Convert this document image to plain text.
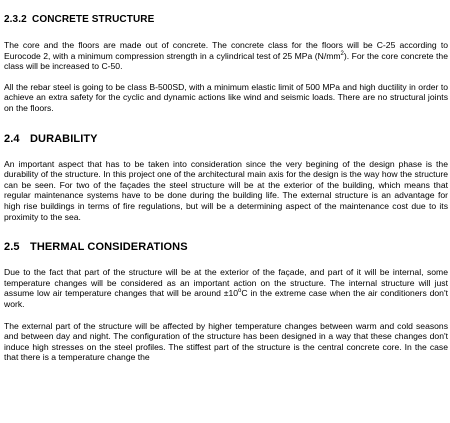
2.3.2 CONCRETE STRUCTURE

The core and the floors are made out of concrete. The concrete class for the floors will be C-25 according to Eurocode 2, with a minimum compression strength in a cylindrical test of 25 MPa $(N/mm^2)$. For the core concrete the class will be increased to C-50.

All the rebar steel is going to be class B-500SD, with a minimum elastic limit of 500 MPa and high ductility in order to achieve an extra safety for the cyclic and dynamic actions like wind and seismic loads. There are no structural joints on the floors.

2.4 DURABILITY

An important aspect that has to be taken into consideration since the very begining of the design phase is the durability of the structure. In this project one of the architectural main axis for the design is the way how the structure can be seen. For two of the façades the steel structure will be at the exterior of the building, which means that regular maintenance systems have to be done during the building life. The external structure is an advantage for high rise buildings in terms of fire regulations, but will be a determining aspect of the maintenance cost due to its proximity to the sea.

2.5 THERMAL CONSIDERATIONS

Due to the fact that part of the structure will be at the exterior of the façade, and part of it will be internal, some temperature changes will be considered as an important action on the structure. The internal structure will just assume low air temperature changes that will be around $\pm 10^oC$ in the extreme case when the air conditioners don't work.

The external part of the structure will be affected by higher temperature changes between warm and cold seasons and between day and night. The configuration of the structure has been designed in a way that these changes don't induce high stresses on the steel profiles. The stiffest part of the structure is the central concrete core. In the case that there is a temperature change the
